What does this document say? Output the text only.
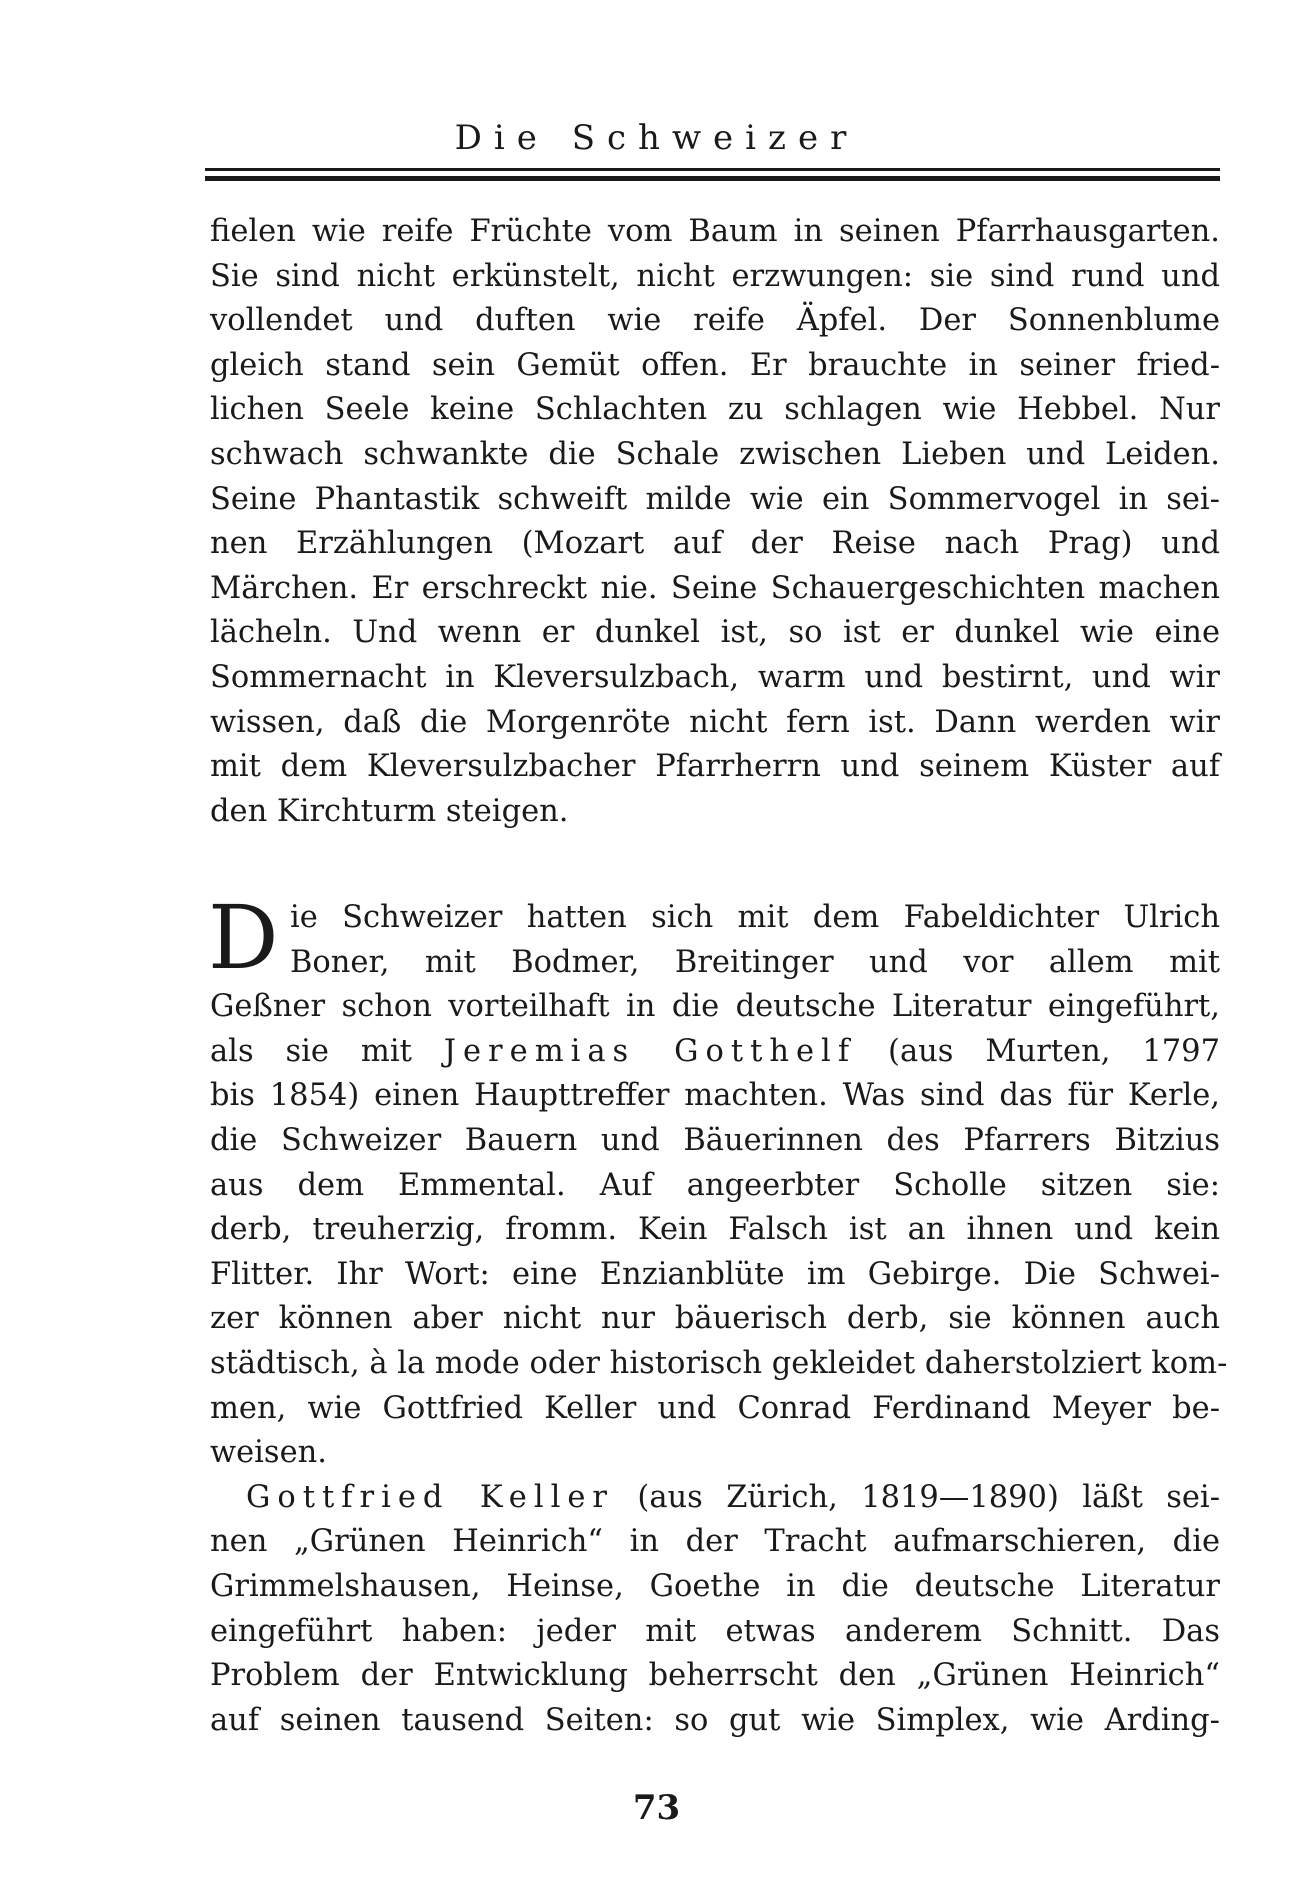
Die Schweizer
fielen wie reife Früchte vom Baum in seinen Pfarrhausgarten.
Sie sind nicht erkünstelt, nicht erzwungen: sie sind rund und
vollendet und duften wie reife Äpfel. Der Sonnenblume
gleich stand sein Gemüt offen. Er brauchte in seiner fried-
lichen Seele keine Schlachten zu schlagen wie Hebbel. Nur
schwach schwankte die Schale zwischen Lieben und Leiden.
Seine Phantastik schweift milde wie ein Sommervogel in sei-
nen Erzählungen (Mozart auf der Reise nach Prag) und
Märchen. Er erschreckt nie. Seine Schauergeschichten machen
lächeln. Und wenn er dunkel ist, so ist er dunkel wie eine
Sommernacht in Kleversulzbach, warm und bestirnt, und wir
wissen, daß die Morgenröte nicht fern ist. Dann werden wir
mit dem Kleversulzbacher Pfarrherrn und seinem Küster auf
den Kirchturm steigen.
D ie Schweizer hatten sich mit dem Fabeldichter Ulrich
Boner, mit Bodmer, Breitinger und vor allem mit
Geßner schon vorteilhaft in die deutsche Literatur eingeführt,
als sie mit Jeremias Gotthelf (aus Murten, 1797
bis 1854) einen Haupttreffer machten. Was sind das für Kerle,
die Schweizer Bauern und Bäuerinnen des Pfarrers Bitzius
aus dem Emmental. Auf angeerbter Scholle sitzen sie:
derb, treuherzig, fromm. Kein Falsch ist an ihnen und kein
Flitter. Ihr Wort: eine Enzianblüte im Gebirge. Die Schwei-
zer können aber nicht nur bäuerisch derb, sie können auch
städtisch, à la mode oder historisch gekleidet daherstolziert kom-
men, wie Gottfried Keller und Conrad Ferdinand Meyer be-
weisen.
Gottfried Keller (aus Zürich, 1819—1890) läßt sei-
nen „Grünen Heinrich“ in der Tracht aufmarschieren, die
Grimmelshausen, Heinse, Goethe in die deutsche Literatur
eingeführt haben: jeder mit etwas anderem Schnitt. Das
Problem der Entwicklung beherrscht den „Grünen Heinrich“
auf seinen tausend Seiten: so gut wie Simplex, wie Arding-
73
